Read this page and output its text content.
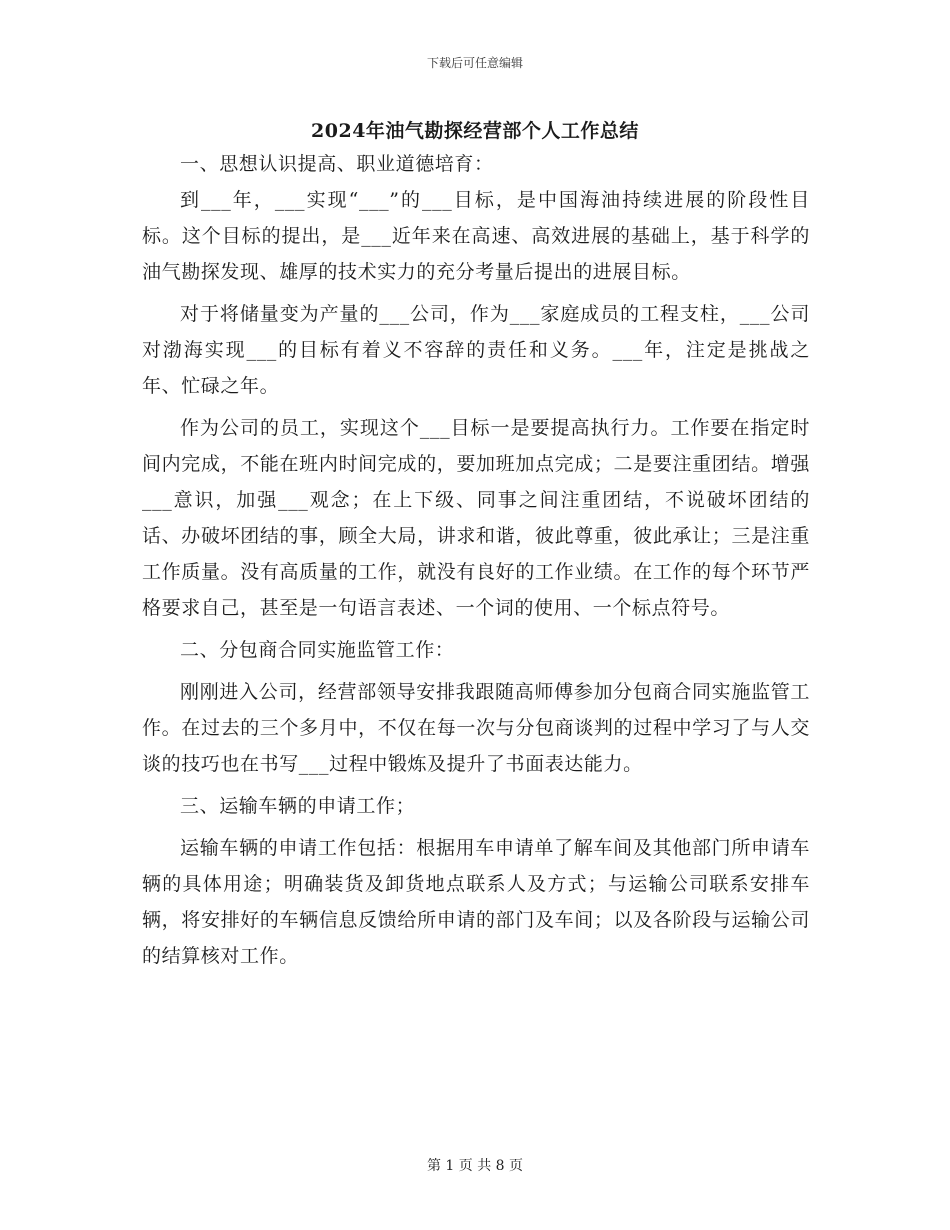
下载后可任意编辑
2024年油气勘探经营部个人工作总结

一、思想认识提高、职业道德培育：

到___年，___实现“___”的___目标，是中国海油持续进展的阶段性目标。这个目标的提出，是___近年来在高速、高效进展的基础上，基于科学的油气勘探发现、雄厚的技术实力的充分考量后提出的进展目标。

对于将储量变为产量的___公司，作为___家庭成员的工程支柱，___公司对渤海实现___的目标有着义不容辞的责任和义务。___年，注定是挑战之年、忙碌之年。

作为公司的员工，实现这个___目标一是要提高执行力。工作要在指定时间内完成，不能在班内时间完成的，要加班加点完成；二是要注重团结。增强___意识，加强___观念；在上下级、同事之间注重团结，不说破坏团结的话、办破坏团结的事，顾全大局，讲求和谐，彼此尊重，彼此承让；三是注重工作质量。没有高质量的工作，就没有良好的工作业绩。在工作的每个环节严格要求自己，甚至是一句语言表述、一个词的使用、一个标点符号。

二、分包商合同实施监管工作：

刚刚进入公司，经营部领导安排我跟随高师傅参加分包商合同实施监管工作。在过去的三个多月中，不仅在每一次与分包商谈判的过程中学习了与人交谈的技巧也在书写___过程中锻炼及提升了书面表达能力。

三、运输车辆的申请工作；

运输车辆的申请工作包括：根据用车申请单了解车间及其他部门所申请车辆的具体用途；明确装货及卸货地点联系人及方式；与运输公司联系安排车辆，将安排好的车辆信息反馈给所申请的部门及车间；以及各阶段与运输公司的结算核对工作。

第 1 页 共 8 页
